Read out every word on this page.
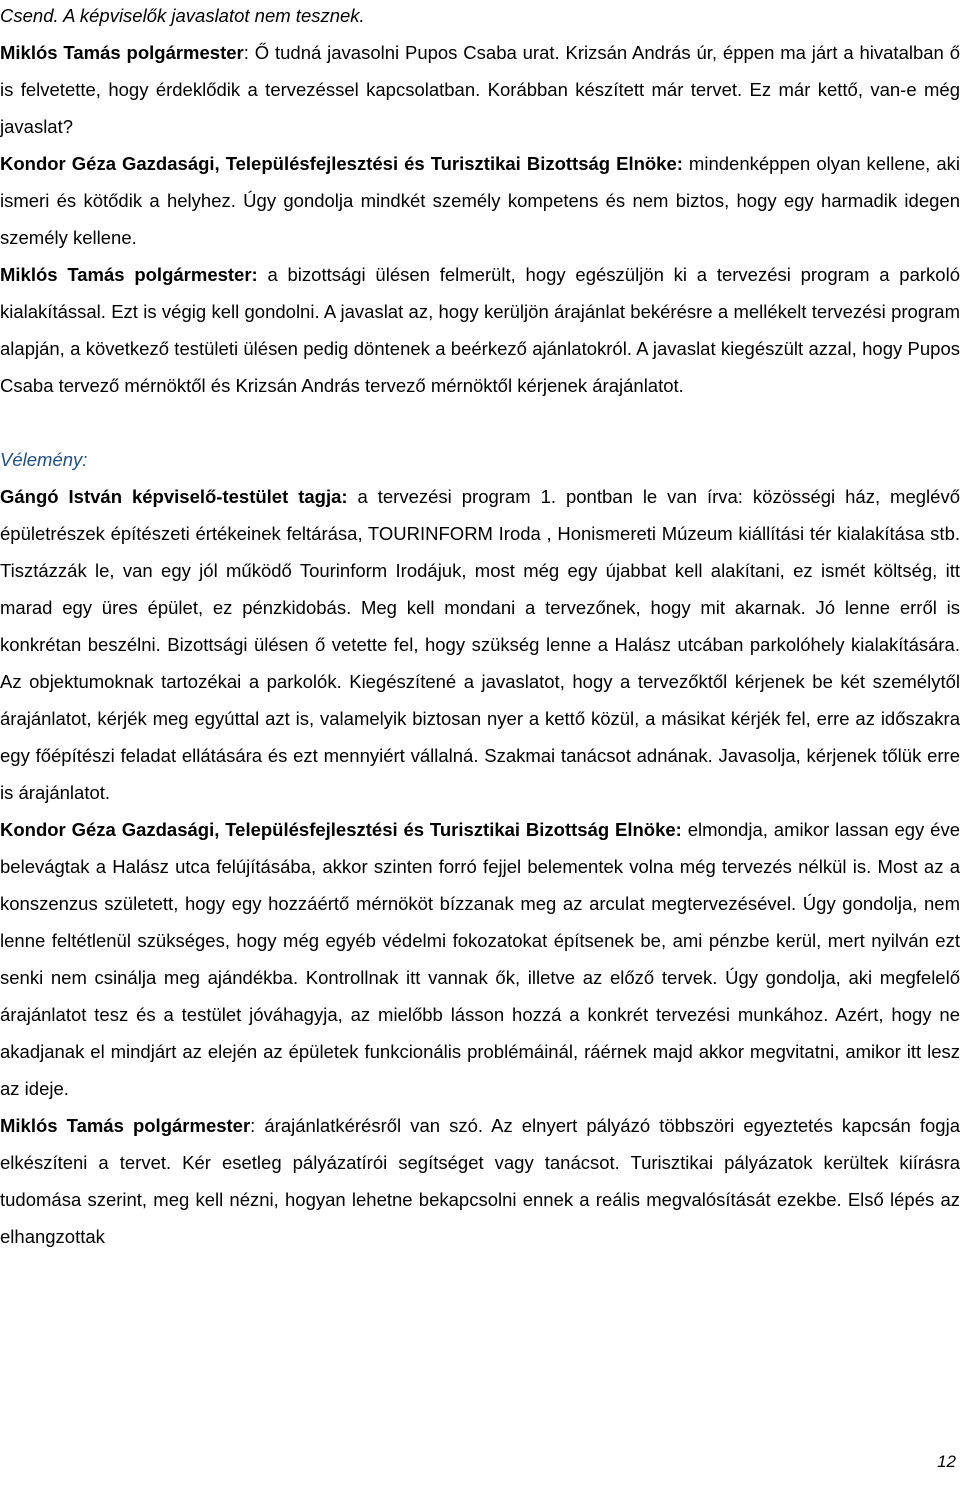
Csend. A képviselők javaslatot nem tesznek.

Miklós Tamás polgármester: Ő tudná javasolni Pupos Csaba urat. Krizsán András úr, éppen ma járt a hivatalban ő is felvetette, hogy érdeklődik a tervezéssel kapcsolatban. Korábban készített már tervet. Ez már kettő, van-e még javaslat?

Kondor Géza Gazdasági, Településfejlesztési és Turisztikai Bizottság Elnöke: mindenképpen olyan kellene, aki ismeri és kötődik a helyhez. Úgy gondolja mindkét személy kompetens és nem biztos, hogy egy harmadik idegen személy kellene.

Miklós Tamás polgármester: a bizottsági ülésen felmerült, hogy egészüljön ki a tervezési program a parkoló kialakítással. Ezt is végig kell gondolni. A javaslat az, hogy kerüljön árajánlat bekérésre a mellékelt tervezési program alapján, a következő testületi ülésen pedig döntenek a beérkező ajánlatokról. A javaslat kiegészült azzal, hogy Pupos Csaba tervező mérnöktől és Krizsán András tervező mérnöktől kérjenek árajánlatot.

Vélemény:

Gángó István képviselő-testület tagja: a tervezési program 1. pontban le van írva: közösségi ház, meglévő épületrészek építészeti értékeinek feltárása, TOURINFORM Iroda , Honismereti Múzeum kiállítási tér kialakítása stb. Tisztázzák le, van egy jól működő Tourinform Irodájuk, most még egy újabbat kell alakítani, ez ismét költség, itt marad egy üres épület, ez pénzkidobás. Meg kell mondani a tervezőnek, hogy mit akarnak. Jó lenne erről is konkrétan beszélni. Bizottsági ülésen ő vetette fel, hogy szükség lenne a Halász utcában parkolóhely kialakítására. Az objektumoknak tartozékai a parkolók. Kiegészítené a javaslatot, hogy a tervezőktől kérjenek be két személytől árajánlatot, kérjék meg egyúttal azt is, valamelyik biztosan nyer a kettő közül, a másikat kérjék fel, erre az időszakra egy főépítészi feladat ellátására és ezt mennyiért vállalná. Szakmai tanácsot adnának. Javasolja, kérjenek tőlük erre is árajánlatot.

Kondor Géza Gazdasági, Településfejlesztési és Turisztikai Bizottság Elnöke: elmondja, amikor lassan egy éve belevágtak a Halász utca felújításába, akkor szinten forró fejjel belementek volna még tervezés nélkül is. Most az a konszenzus született, hogy egy hozzáértő mérnököt bízzanak meg az arculat megtervezésével. Úgy gondolja, nem lenne feltétlenül szükséges, hogy még egyéb védelmi fokozatokat építsenek be, ami pénzbe kerül, mert nyilván ezt senki nem csinálja meg ajándékba. Kontrollnak itt vannak ők, illetve az előző tervek. Úgy gondolja, aki megfelelő árajánlatot tesz és a testület jóváhagyja, az mielőbb lásson hozzá a konkrét tervezési munkához. Azért, hogy ne akadjanak el mindjárt az elején az épületek funkcionális problémáinál, ráérnek majd akkor megvitatni, amikor itt lesz az ideje.

Miklós Tamás polgármester: árajánlatkérésről van szó. Az elnyert pályázó többszöri egyeztetés kapcsán fogja elkészíteni a tervet. Kér esetleg pályázatírói segítséget vagy tanácsot. Turisztikai pályázatok kerültek kiírásra tudomása szerint, meg kell nézni, hogyan lehetne bekapcsolni ennek a reális megvalósítását ezekbe. Első lépés az elhangzottak

12
